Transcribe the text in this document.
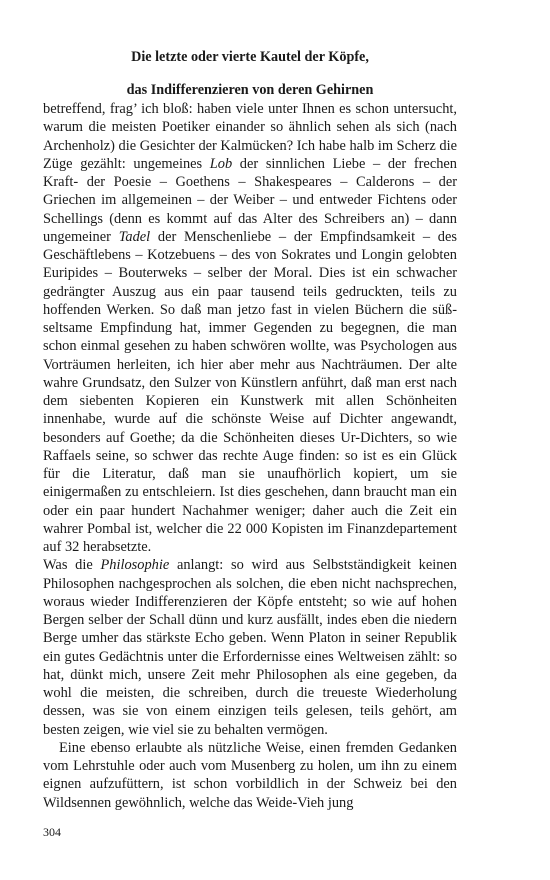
Die letzte oder vierte Kautel der Köpfe,
das Indifferenzieren von deren Gehirnen

betreffend, frag’ ich bloß: haben viele unter Ihnen es schon untersucht, warum die meisten Poetiker einander so ähnlich sehen als sich (nach Archenholz) die Gesichter der Kalmücken? Ich habe halb im Scherz die Züge gezählt: ungemeines Lob der sinnlichen Liebe – der frechen Kraft- der Poesie – Goethens – Shakespeares – Calderons – der Griechen im allgemeinen – der Weiber – und entweder Fichtens oder Schellings (denn es kommt auf das Alter des Schreibers an) – dann ungemeiner Tadel der Menschenliebe – der Empfindsamkeit – des Geschäftlebens – Kotzebuens – des von Sokrates und Longin gelobten Euripides – Bouterweks – selber der Moral. Dies ist ein schwacher gedrängter Auszug aus ein paar tausend teils gedruckten, teils zu hoffenden Werken. So daß man jetzo fast in vielen Büchern die süß-seltsame Empfindung hat, immer Gegenden zu begegnen, die man schon einmal gesehen zu haben schwören wollte, was Psychologen aus Vorträumen herleiten, ich hier aber mehr aus Nachträumen. Der alte wahre Grundsatz, den Sulzer von Künstlern anführt, daß man erst nach dem siebenten Kopieren ein Kunstwerk mit allen Schönheiten innenhabe, wurde auf die schönste Weise auf Dichter angewandt, besonders auf Goethe; da die Schönheiten dieses Ur-Dichters, so wie Raffaels seine, so schwer das rechte Auge finden: so ist es ein Glück für die Literatur, daß man sie unaufhörlich kopiert, um sie einigermaßen zu entschleiern. Ist dies geschehen, dann braucht man ein oder ein paar hundert Nachahmer weniger; daher auch die Zeit ein wahrer Pombal ist, welcher die 22 000 Kopisten im Finanzdepartement auf 32 herabsetzte.

Was die Philosophie anlangt: so wird aus Selbstständigkeit keinen Philosophen nachgesprochen als solchen, die eben nicht nachsprechen, woraus wieder Indifferenzieren der Köpfe entsteht; so wie auf hohen Bergen selber der Schall dünn und kurz ausfällt, indes eben die niedern Berge umher das stärkste Echo geben. Wenn Platon in seiner Republik ein gutes Gedächtnis unter die Erfordernisse eines Weltweisen zählt: so hat, dünkt mich, unsere Zeit mehr Philosophen als eine gegeben, da wohl die meisten, die schreiben, durch die treueste Wiederholung dessen, was sie von einem einzigen teils gelesen, teils gehört, am besten zeigen, wie viel sie zu behalten vermögen.

Eine ebenso erlaubte als nützliche Weise, einen fremden Gedanken vom Lehrstuhle oder auch vom Musenberg zu holen, um ihn zu einem eignen aufzufüttern, ist schon vorbildlich in der Schweiz bei den Wildsennen gewöhnlich, welche das Weide-Vieh jung

304
